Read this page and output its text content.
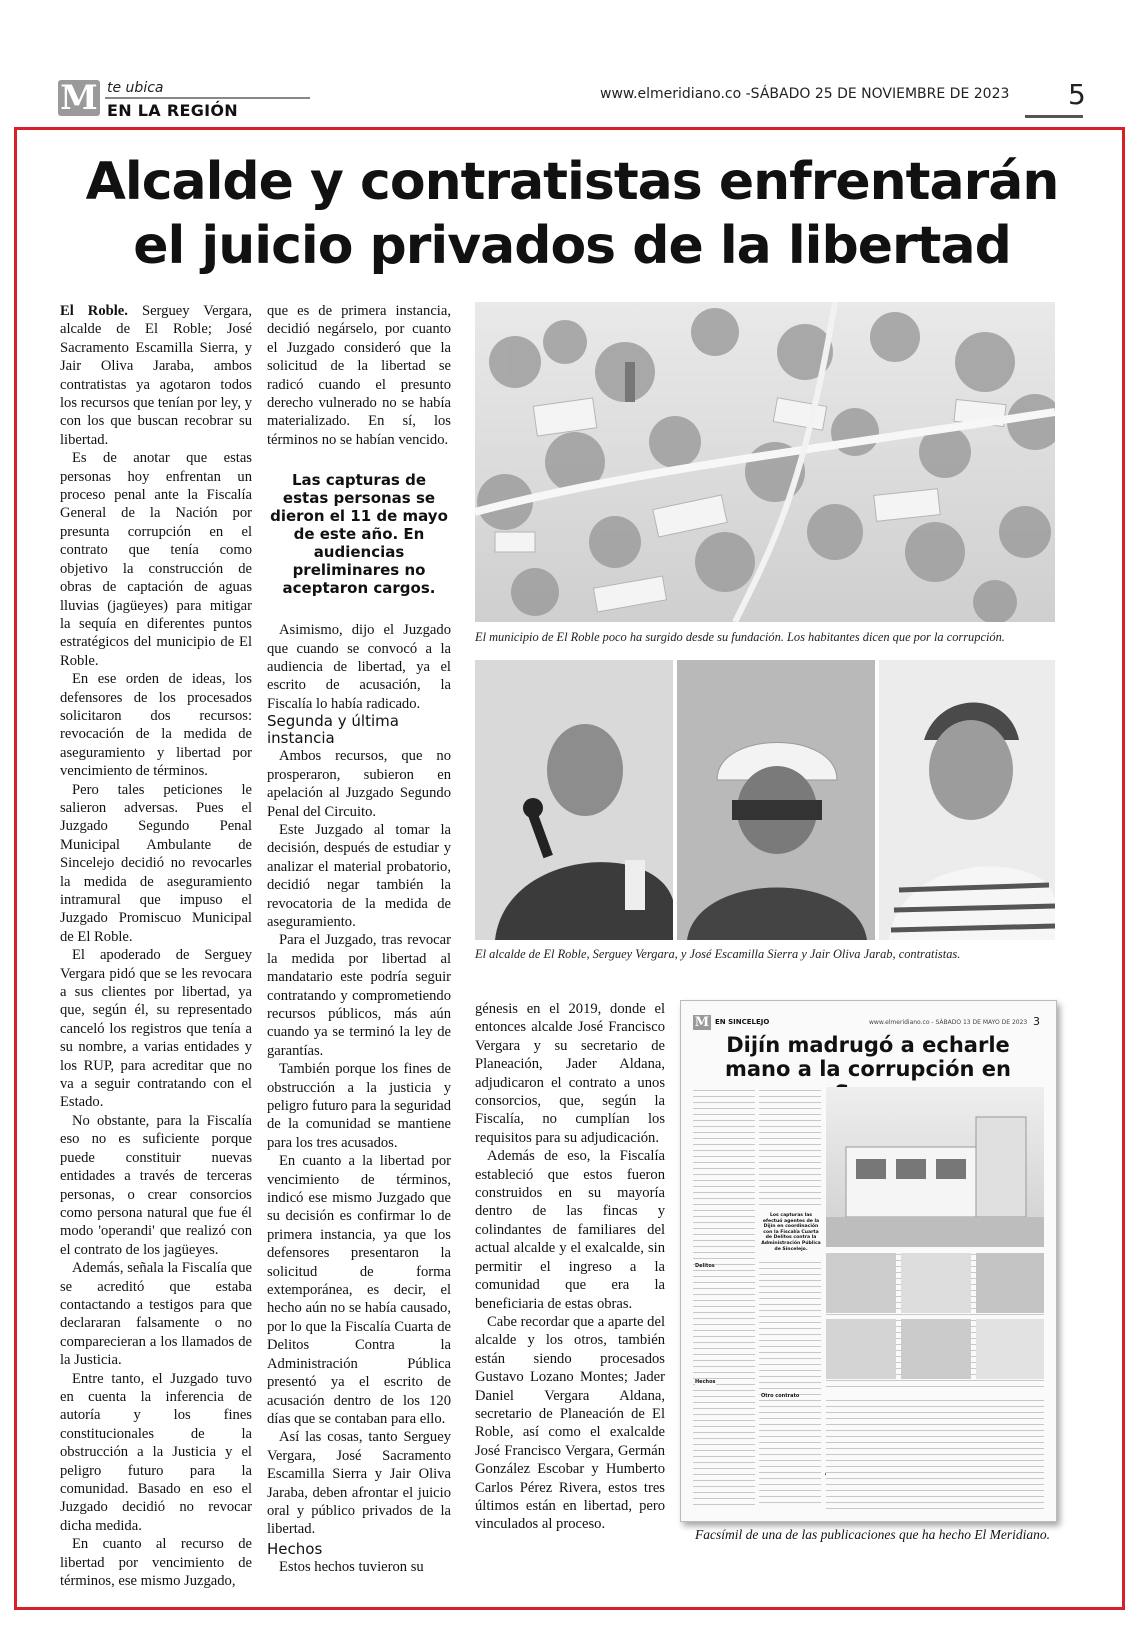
M te ubica
EN LA REGIÓN
www.elmeridiano.co -SÁBADO 25 DE NOVIEMBRE DE 2023 5
Alcalde y contratistas enfrentarán
el juicio privados de la libertad

El Roble. Serguey Vergara, alcalde de El Roble; José Sacramento Escamilla Sierra, y Jair Oliva Jaraba, ambos contratistas ya agotaron todos los recursos que tenían por ley, y con los que buscan recobrar su libertad.

Es de anotar que estas personas hoy enfrentan un proceso penal ante la Fiscalía General de la Nación por presunta corrupción en el contrato que tenía como objetivo la construcción de obras de captación de aguas lluvias (jagüeyes) para mitigar la sequía en diferentes puntos estratégicos del municipio de El Roble.

En ese orden de ideas, los defensores de los procesados solicitaron dos recursos: revocación de la medida de aseguramiento y libertad por vencimiento de términos.

Pero tales peticiones le salieron adversas. Pues el Juzgado Segundo Penal Municipal Ambulante de Sincelejo decidió no revocarles la medida de aseguramiento intramural que impuso el Juzgado Promiscuo Municipal de El Roble.

El apoderado de Serguey Vergara pidó que se les revocara a sus clientes por libertad, ya que, según él, su representado canceló los registros que tenía a su nombre, a varias entidades y los RUP, para acreditar que no va a seguir contratando con el Estado.

No obstante, para la Fiscalía eso no es suficiente porque puede constituir nuevas entidades a través de terceras personas, o crear consorcios como persona natural que fue él modo 'operandi' que realizó con el contrato de los jagüeyes.

Además, señala la Fiscalía que se acreditó que estaba contactando a testigos para que declararan falsamente o no comparecieran a los llamados de la Justicia.

Entre tanto, el Juzgado tuvo en cuenta la inferencia de autoría y los fines constitucionales de la obstrucción a la Justicia y el peligro futuro para la comunidad. Basado en eso el Juzgado decidió no revocar dicha medida.

En cuanto al recurso de libertad por vencimiento de términos, ese mismo Juzgado,

que es de primera instancia, decidió negárselo, por cuanto el Juzgado consideró que la solicitud de la libertad se radicó cuando el presunto derecho vulnerado no se había materializado. En sí, los términos no se habían vencido.

Las capturas de estas personas se dieron el 11 de mayo de este año. En audiencias preliminares no aceptaron cargos.

Asimismo, dijo el Juzgado que cuando se convocó a la audiencia de libertad, ya el escrito de acusación, la Fiscalía lo había radicado.

Segunda y última instancia

Ambos recursos, que no prosperaron, subieron en apelación al Juzgado Segundo Penal del Circuito.

Este Juzgado al tomar la decisión, después de estudiar y analizar el material probatorio, decidió negar también la revocatoria de la medida de aseguramiento.

Para el Juzgado, tras revocar la medida por libertad al mandatario este podría seguir contratando y comprometiendo recursos públicos, más aún cuando ya se terminó la ley de garantías.

También porque los fines de obstrucción a la justicia y peligro futuro para la seguridad de la comunidad se mantiene para los tres acusados.

En cuanto a la libertad por vencimiento de términos, indicó ese mismo Juzgado que su decisión es confirmar lo de primera instancia, ya que los defensores presentaron la solicitud de forma extemporánea, es decir, el hecho aún no se había causado, por lo que la Fiscalía Cuarta de Delitos Contra la Administración Pública presentó ya el escrito de acusación dentro de los 120 días que se contaban para ello.

Así las cosas, tanto Serguey Vergara, José Sacramento Escamilla Sierra y Jair Oliva Jaraba, deben afrontar el juicio oral y público privados de la libertad.

Hechos

Estos hechos tuvieron su

El municipio de El Roble poco ha surgido desde su fundación. Los habitantes dicen que por la corrupción.
El alcalde de El Roble, Serguey Vergara, y José Escamilla Sierra y Jair Oliva Jarab, contratistas.

génesis en el 2019, donde el entonces alcalde José Francisco Vergara y su secretario de Planeación, Jader Aldana, adjudicaron el contrato a unos consorcios, que, según la Fiscalía, no cumplían los requisitos para su adjudicación.

Además de eso, la Fiscalía estableció que estos fueron construidos en su mayoría dentro de las fincas y colindantes de familiares del actual alcalde y el exalcalde, sin permitir el ingreso a la comunidad que era la beneficiaria de estas obras.

Cabe recordar que a aparte del alcalde y los otros, también están siendo procesados Gustavo Lozano Montes; Jader Daniel Vergara Aldana, secretario de Planeación de El Roble, así como el exalcalde José Francisco Vergara, Germán González Escobar y Humberto Carlos Pérez Rivera, estos tres últimos están en libertad, pero vinculados al proceso.

M EN SINCELEJO	www.elmeridiano.co - SÁBADO 13 DE MAYO DE 2023 3
Dijín madrugó a echarle mano a la corrupción en
Los capturas las efectuó agentes de la Dijín en coordinación con la Fiscalía Cuarta de Delitos contra la Administración Pública de Sincelejo.
Delitos
Hechos
Otro contrato
Facsímil de una de las publicaciones que ha hecho El Meridiano.
